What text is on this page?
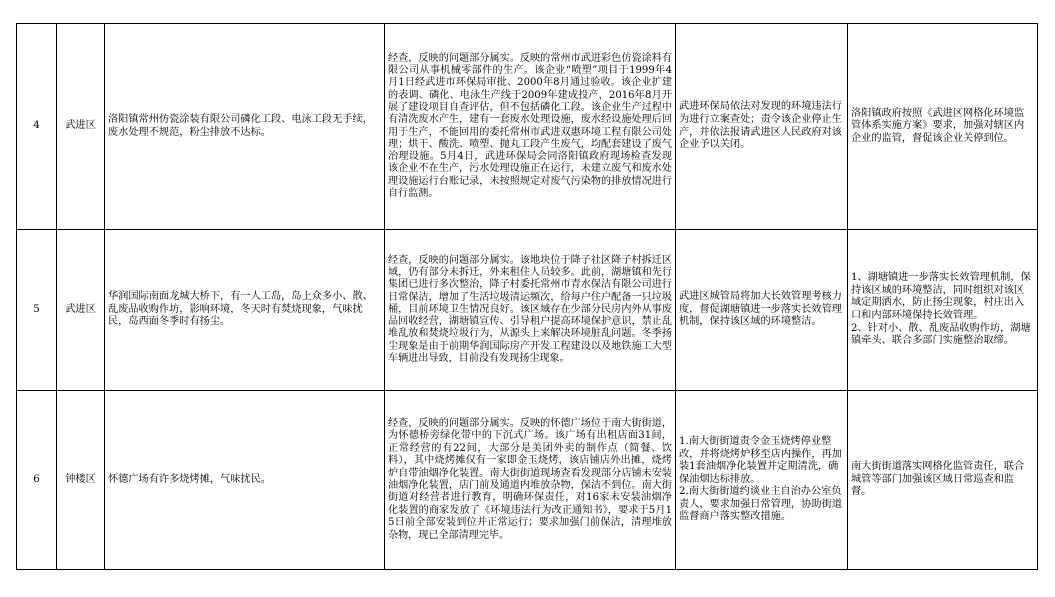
4	武进区	洛阳镇常州仿瓷涂装有限公司磷化工段、电泳工段无手续，废水处理不规范，粉尘排放不达标。	经查，反映的问题部分属实。反映的常州市武进彩色仿瓷涂料有限公司从事机械零部件的生产。该企业“喷塑”项目于1999年4月1日经武进市环保局审批、2000年8月通过验收。该企业扩建的表调、磷化、电泳生产线于2009年建成投产，2016年8月开展了建设项目自查评估，但不包括磷化工段。该企业生产过程中有清洗废水产生，建有一套废水处理设施，废水经设施处理后回用于生产，不能回用的委托常州市武进双惠环境工程有限公司处理；烘干、酸洗、喷塑、抛丸工段产生废气，均配套建设了废气治理设施。5月4日，武进环保局会同洛阳镇政府现场检查发现该企业不在生产，污水处理设施正在运行，未建立废气和废水处理设施运行台账记录，未按照规定对废气污染物的排放情况进行自行监测。	武进环保局依法对发现的环境违法行为进行立案查处；责令该企业停止生产，并依法报请武进区人民政府对该企业予以关闭。	洛阳镇政府按照《武进区网格化环境监管体系实施方案》要求，加强对辖区内企业的监管，督促该企业关停到位。
5	武进区	华润国际南面龙城大桥下，有一人工岛，岛上众多小、散、乱废品收购作坊，影响环境，冬天时有焚烧现象，气味扰民，岛西面冬季时有扬尘。	经查，反映的问题部分属实。该地块位于降子社区降子村拆迁区域，仍有部分未拆迁，外来租住人员较多。此前，湖塘镇和先行集团已进行多次整治，降子村委托常州市青水保洁有限公司进行日常保洁，增加了生活垃圾清运频次，给每户住户配备一只垃圾桶，目前环境卫生情况良好。该区域存在少部分民房内外从事废品回收经营，湖塘镇宣传、引导租户提高环境保护意识，禁止乱堆乱放和焚烧垃圾行为，从源头上来解决环境脏乱问题。冬季扬尘现象是由于前期华润国际房产开发工程建设以及地铁施工大型车辆进出导致，目前没有发现扬尘现象。	武进区城管局将加大长效管理考核力度，督促湖塘镇进一步落实长效管理机制，保持该区域的环境整洁。	1、湖塘镇进一步落实长效管理机制，保持该区域的环境整洁，同时组织对该区域定期洒水，防止扬尘现象，村庄出入口和内部环境保持长效管理。
2、针对小、散、乱废品收购作坊，湖塘镇牵头、联合多部门实施整治取缔。
6	钟楼区	怀德广场有许多烧烤摊，气味扰民。	经查，反映的问题部分属实。反映的怀德广场位于南大街街道，为怀德桥旁绿化带中的下沉式广场。该广场有出租店面31间，正常经营的有22间，大部分是美团外卖的制作点（简餐、饮料），其中烧烤摊仅有一家即金玉烧烤，该店铺店外出摊，烧烤炉自带油烟净化装置。南大街街道现场查看发现部分店铺未安装油烟净化装置，店门前及通道内堆放杂物，保洁不到位。南大街街道对经营者进行教育，明确环保责任，对16家未安装油烟净化装置的商家发放了《环境违法行为改正通知书》，要求于5月15日前全部安装到位并正常运行；要求加强门前保洁，清理堆放杂物，现已全部清理完毕。	1.南大街街道责令金玉烧烤停业整改，并将烧烤炉移至店内操作，再加装1套油烟净化装置并定期清洗，确保油烟达标排放。
2.南大街街道约谈业主自治办公室负责人，要求加强日常管理，协助街道监督商户落实整改措施。	南大街街道落实网格化监管责任，联合城管等部门加强该区域日常巡查和监督。
